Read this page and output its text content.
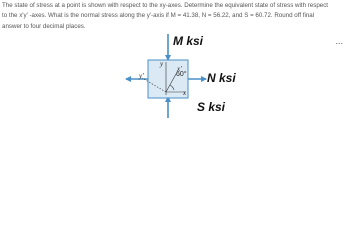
The state of stress at a point is shown with respect to the xy-axes. Determine the equivalent state of stress with respect to the x'y' -axes. What is the normal stress along the y'-axis if M = 41.38, N = 56.22, and S = 60.72. Round off final answer to four decimal places.

...
M ksi
N ksi
S ksi
60°
y
x
x'
y'
